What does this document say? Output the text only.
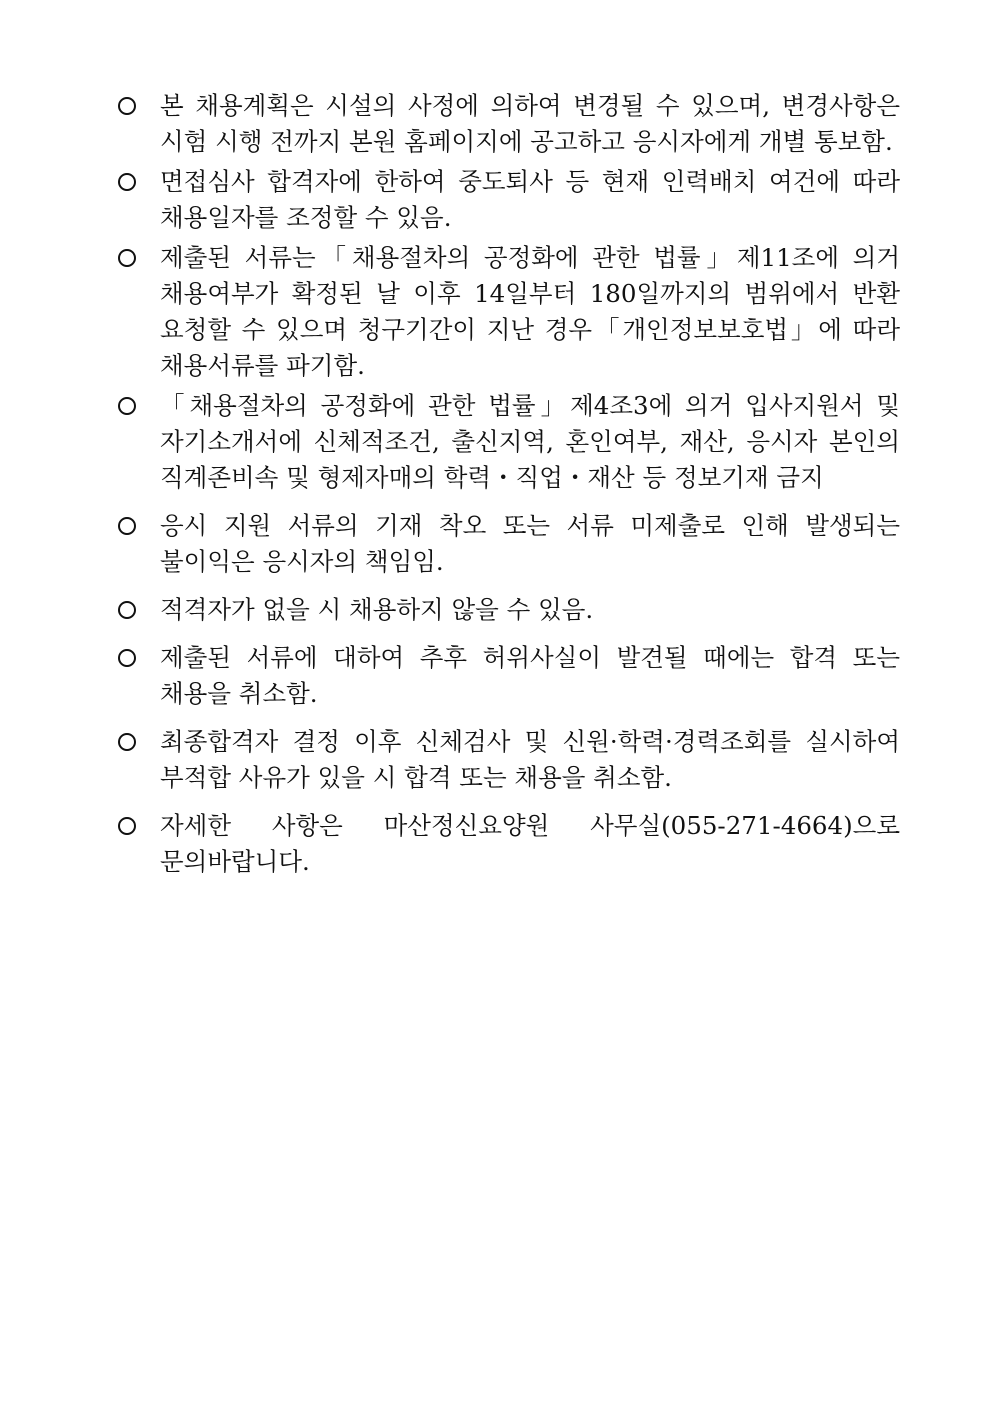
본 채용계획은 시설의 사정에 의하여 변경될 수 있으며, 변경사항은 시험 시행 전까지 본원 홈페이지에 공고하고 응시자에게 개별 통보함.
면접심사 합격자에 한하여 중도퇴사 등 현재 인력배치 여건에 따라 채용일자를 조정할 수 있음.
제출된 서류는「채용절차의 공정화에 관한 법률」제11조에 의거 채용여부가 확정된 날 이후 14일부터 180일까지의 범위에서 반환 요청할 수 있으며 청구기간이 지난 경우「개인정보보호법」에 따라 채용서류를 파기함.
「채용절차의 공정화에 관한 법률」제4조3에 의거 입사지원서 및 자기소개서에 신체적조건, 출신지역, 혼인여부, 재산, 응시자 본인의 직계존비속 및 형제자매의 학력・직업・재산 등 정보기재 금지
응시 지원 서류의 기재 착오 또는 서류 미제출로 인해 발생되는 불이익은 응시자의 책임임.
적격자가 없을 시 채용하지 않을 수 있음.
제출된 서류에 대하여 추후 허위사실이 발견될 때에는 합격 또는 채용을 취소함.
최종합격자 결정 이후 신체검사 및 신원·학력·경력조회를 실시하여 부적합 사유가 있을 시 합격 또는 채용을 취소함.
자세한 사항은 마산정신요양원 사무실(055-271-4664)으로 문의바랍니다.
